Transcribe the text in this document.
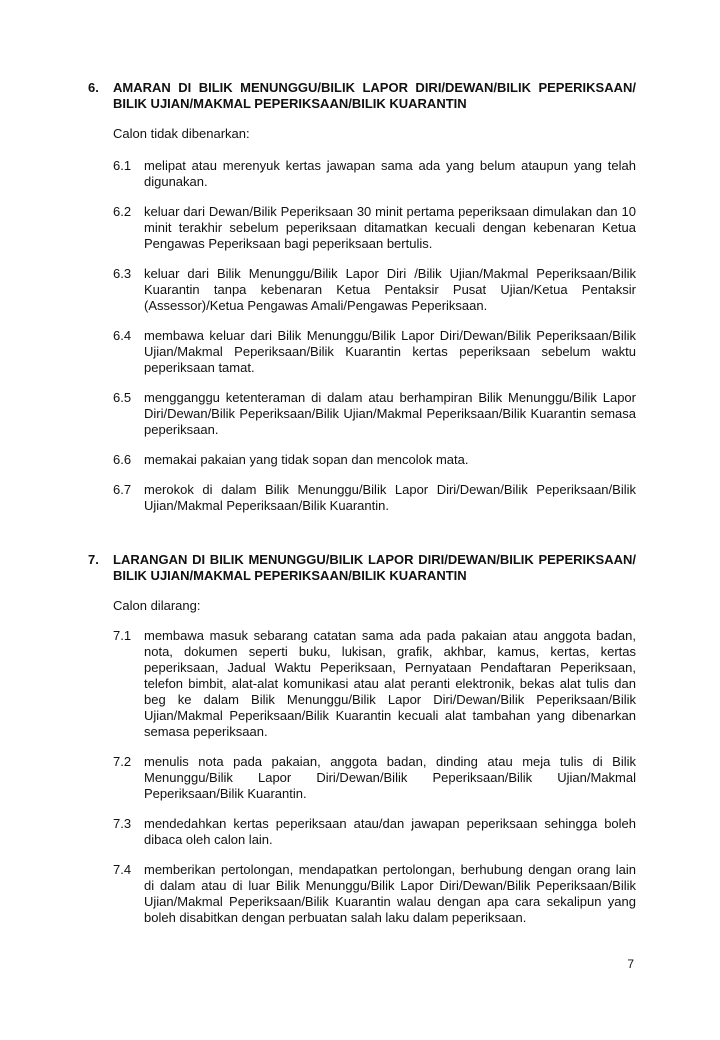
6.	AMARAN DI BILIK MENUNGGU/BILIK LAPOR DIRI/DEWAN/BILIK PEPERIKSAAN/ BILIK UJIAN/MAKMAL PEPERIKSAAN/BILIK KUARANTIN
Calon tidak dibenarkan:
6.1 melipat atau merenyuk kertas jawapan sama ada yang belum ataupun yang telah digunakan.
6.2 keluar dari Dewan/Bilik Peperiksaan 30 minit pertama peperiksaan dimulakan dan 10 minit terakhir sebelum peperiksaan ditamatkan kecuali dengan kebenaran Ketua Pengawas Peperiksaan bagi peperiksaan bertulis.
6.3 keluar dari Bilik Menunggu/Bilik Lapor Diri /Bilik Ujian/Makmal Peperiksaan/Bilik Kuarantin tanpa kebenaran Ketua Pentaksir Pusat Ujian/Ketua Pentaksir (Assessor)/Ketua Pengawas Amali/Pengawas Peperiksaan.
6.4 membawa keluar dari Bilik Menunggu/Bilik Lapor Diri/Dewan/Bilik Peperiksaan/Bilik Ujian/Makmal Peperiksaan/Bilik Kuarantin kertas peperiksaan sebelum waktu peperiksaan tamat.
6.5 mengganggu ketenteraman di dalam atau berhampiran Bilik Menunggu/Bilik Lapor Diri/Dewan/Bilik Peperiksaan/Bilik Ujian/Makmal Peperiksaan/Bilik Kuarantin semasa peperiksaan.
6.6 memakai pakaian yang tidak sopan dan mencolok mata.
6.7 merokok di dalam Bilik Menunggu/Bilik Lapor Diri/Dewan/Bilik Peperiksaan/Bilik Ujian/Makmal Peperiksaan/Bilik Kuarantin.
7.	LARANGAN DI BILIK MENUNGGU/BILIK LAPOR DIRI/DEWAN/BILIK PEPERIKSAAN/ BILIK UJIAN/MAKMAL PEPERIKSAAN/BILIK KUARANTIN
Calon dilarang:
7.1 membawa masuk sebarang catatan sama ada pada pakaian atau anggota badan, nota, dokumen seperti buku, lukisan, grafik, akhbar, kamus, kertas, kertas peperiksaan, Jadual Waktu Peperiksaan, Pernyataan Pendaftaran Peperiksaan, telefon bimbit, alat-alat komunikasi atau alat peranti elektronik, bekas alat tulis dan beg ke dalam Bilik Menunggu/Bilik Lapor Diri/Dewan/Bilik Peperiksaan/Bilik Ujian/Makmal Peperiksaan/Bilik Kuarantin kecuali alat tambahan yang dibenarkan semasa peperiksaan.
7.2 menulis nota pada pakaian, anggota badan, dinding atau meja tulis di Bilik Menunggu/Bilik Lapor Diri/Dewan/Bilik Peperiksaan/Bilik Ujian/Makmal Peperiksaan/Bilik Kuarantin.
7.3 mendedahkan kertas peperiksaan atau/dan jawapan peperiksaan sehingga boleh dibaca oleh calon lain.
7.4 memberikan pertolongan, mendapatkan pertolongan, berhubung dengan orang lain di dalam atau di luar Bilik Menunggu/Bilik Lapor Diri/Dewan/Bilik Peperiksaan/Bilik Ujian/Makmal Peperiksaan/Bilik Kuarantin walau dengan apa cara sekalipun yang boleh disabitkan dengan perbuatan salah laku dalam peperiksaan.
7
